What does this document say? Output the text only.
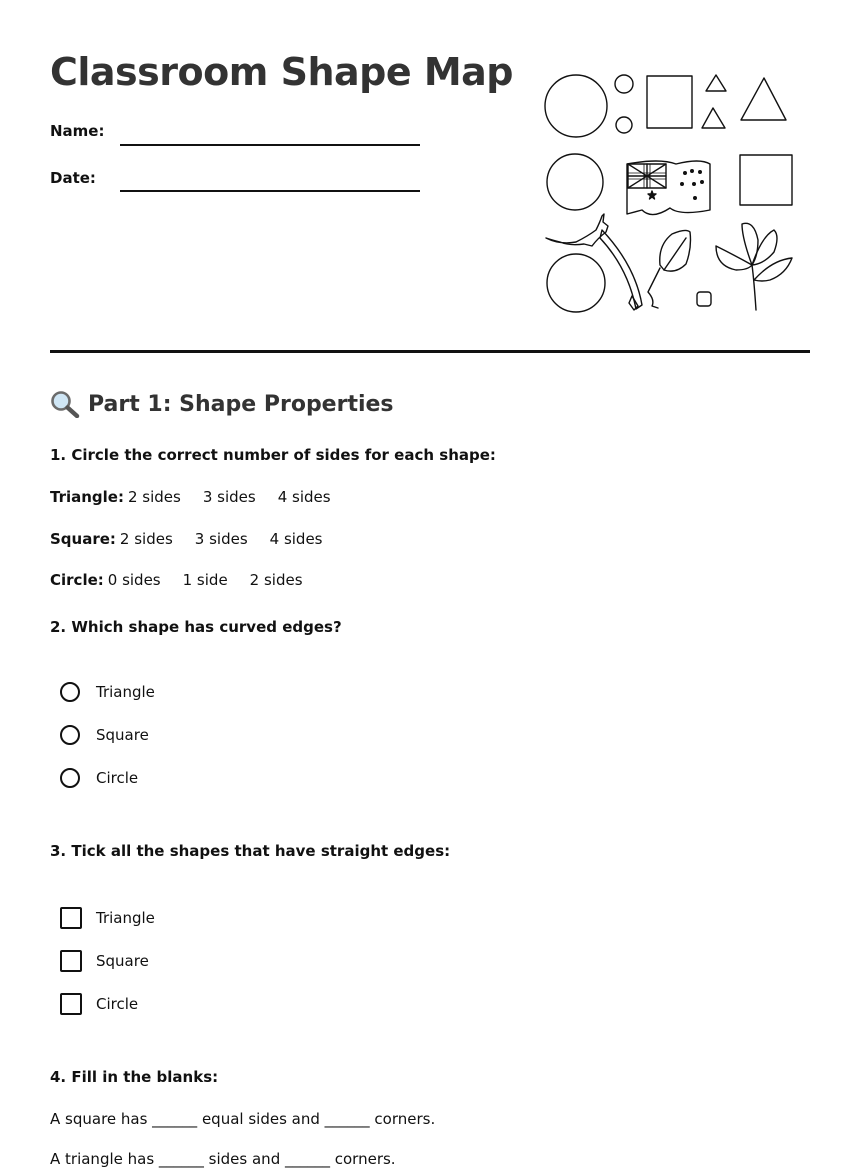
Classroom Shape Map
Name:
Date:
Part 1: Shape Properties
1. Circle the correct number of sides for each shape:
Triangle: 2 sides 3 sides 4 sides
Square: 2 sides 3 sides 4 sides
Circle: 0 sides 1 side 2 sides
2. Which shape has curved edges?
Triangle
Square
Circle
3. Tick all the shapes that have straight edges:
Triangle
Square
Circle
4. Fill in the blanks:
A square has ______ equal sides and ______ corners.
A triangle has ______ sides and ______ corners.
